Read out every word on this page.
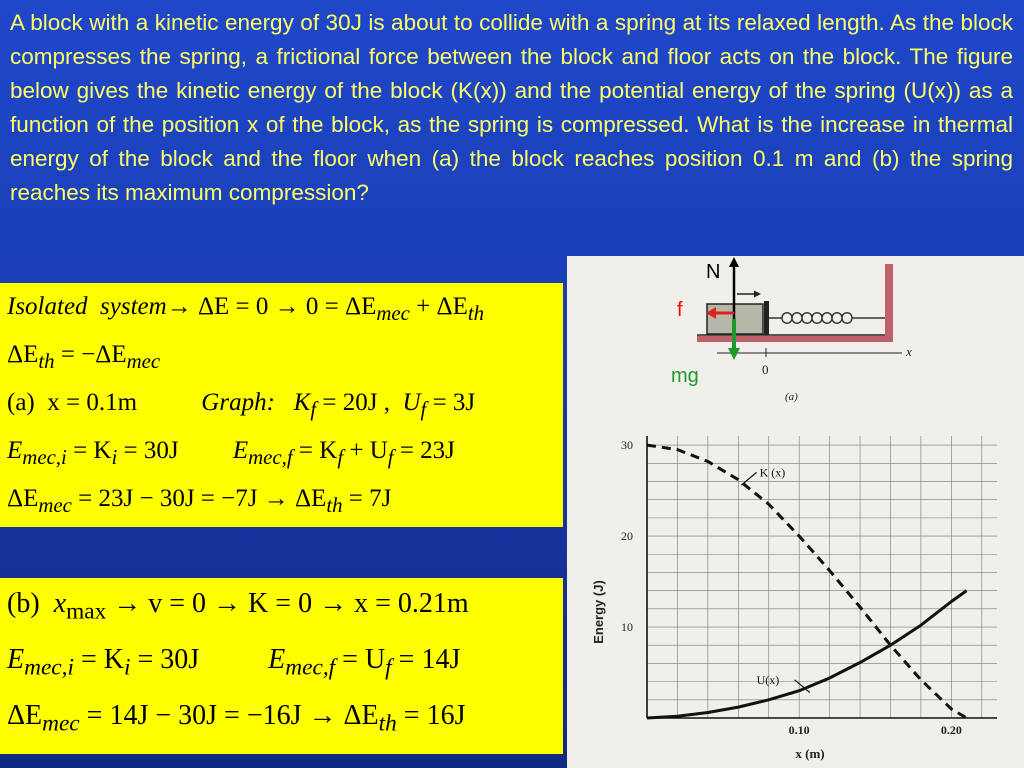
A block with a kinetic energy of 30J is about to collide with a spring at its relaxed length. As the block compresses the spring, a frictional force between the block and floor acts on the block. The figure below gives the kinetic energy of the block (K(x)) and the potential energy of the spring (U(x)) as a function of the position x of the block, as the spring is compressed. What is the increase in thermal energy of the block and the floor when (a) the block reaches position 0.1 m and (b) the spring reaches its maximum compression?
Isolated system→ $\Delta E = 0 \to 0 = \Delta E_{mec} + \Delta E_{th}$
$\Delta E_{th} = -\Delta E_{mec}$
(a) x = 0.1m	Graph: $K_f = 20J$ , $U_f = 3J$
$E_{mec,i} = K_i = 30J$ $E_{mec,f} = K_f + U_f = 23J$
$\Delta E_{mec} = 23J - 30J = -7J \to \Delta E_{th} = 7J$
(b) $x_{max} \to v = 0 \to K = 0 \to x = 0.21m$
$E_{mec,i} = K_i = 30J$ $E_{mec,f} = U_f = 14J$
$\Delta E_{mec} = 14J - 30J = -16J \to \Delta E_{th} = 16J$
x
0
(a)
N
f
mg
10
20
30
0.10	0.20
K (x)
U(x)
Energy (J)
x (m)
